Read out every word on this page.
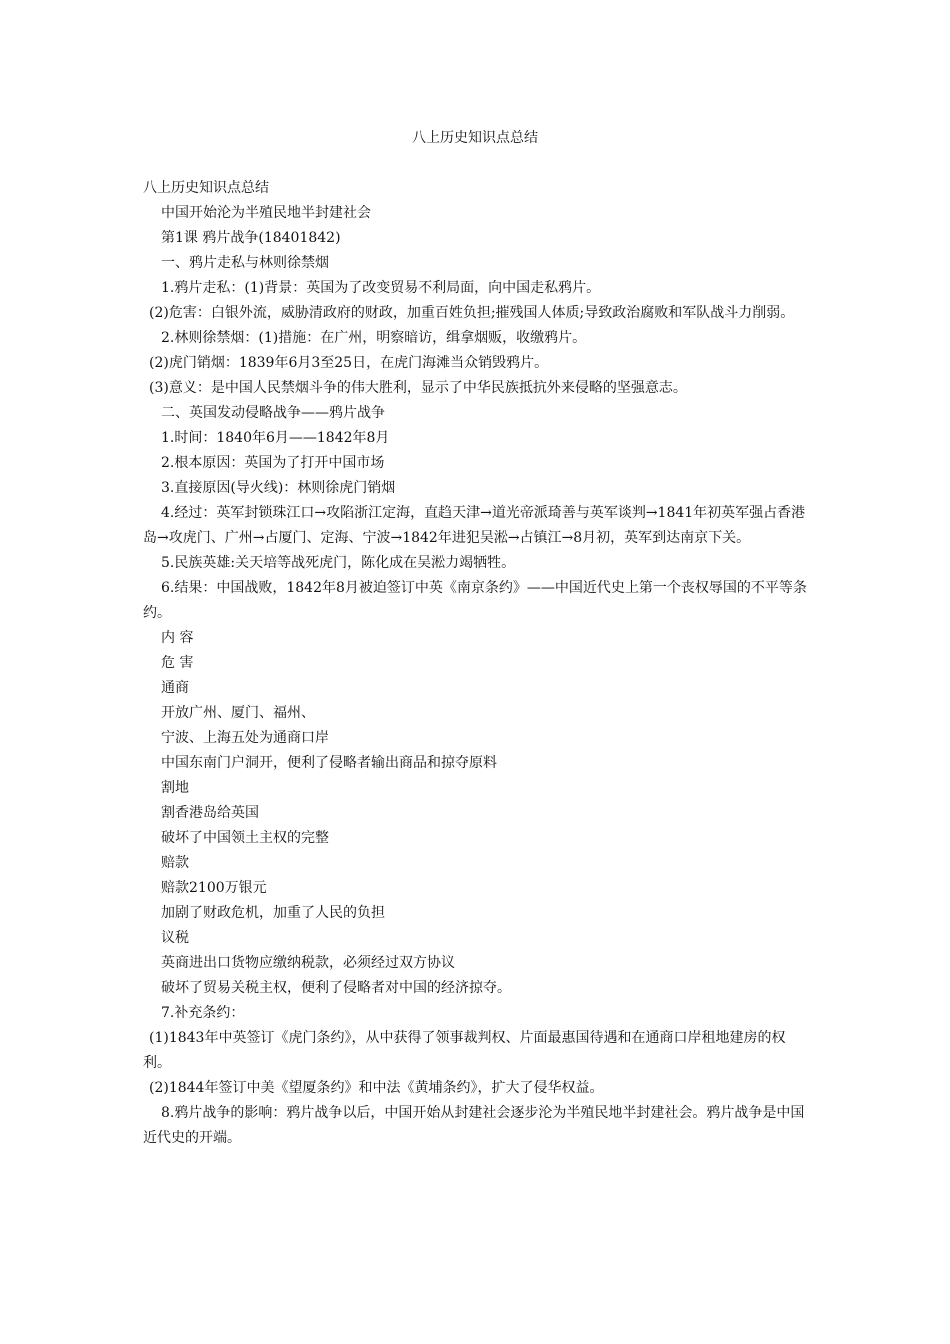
八上历史知识点总结

八上历史知识点总结

中国开始沦为半殖民地半封建社会

第1课 鸦片战争(18401842)

一、鸦片走私与林则徐禁烟

1.鸦片走私：(1)背景：英国为了改变贸易不利局面，向中国走私鸦片。

(2)危害：白银外流，威胁清政府的财政，加重百姓负担;摧残国人体质;导致政治腐败和军队战斗力削弱。

2.林则徐禁烟：(1)措施：在广州，明察暗访，缉拿烟贩，收缴鸦片。

(2)虎门销烟：1839年6月3至25日，在虎门海滩当众销毁鸦片。

(3)意义：是中国人民禁烟斗争的伟大胜利，显示了中华民族抵抗外来侵略的坚强意志。

二、英国发动侵略战争——鸦片战争

1.时间：1840年6月——1842年8月

2.根本原因：英国为了打开中国市场

3.直接原因(导火线)：林则徐虎门销烟

4.经过：英军封锁珠江口→攻陷浙江定海，直趋天津→道光帝派琦善与英军谈判→1841年初英军强占香港岛→攻虎门、广州→占厦门、定海、宁波→1842年进犯吴淞→占镇江→8月初，英军到达南京下关。

5.民族英雄:关天培等战死虎门，陈化成在吴淞力竭牺牲。

6.结果：中国战败，1842年8月被迫签订中英《南京条约》——中国近代史上第一个丧权辱国的不平等条约。

内 容

危 害

通商

开放广州、厦门、福州、

宁波、上海五处为通商口岸

中国东南门户洞开，便利了侵略者输出商品和掠夺原料

割地

割香港岛给英国

破坏了中国领土主权的完整

赔款

赔款2100万银元

加剧了财政危机，加重了人民的负担

议税

英商进出口货物应缴纳税款，必须经过双方协议

破坏了贸易关税主权，便利了侵略者对中国的经济掠夺。

7.补充条约：

(1)1843年中英签订《虎门条约》，从中获得了领事裁判权、片面最惠国待遇和在通商口岸租地建房的权利。

(2)1844年签订中美《望厦条约》和中法《黄埔条约》，扩大了侵华权益。

8.鸦片战争的影响：鸦片战争以后，中国开始从封建社会逐步沦为半殖民地半封建社会。鸦片战争是中国近代史的开端。
